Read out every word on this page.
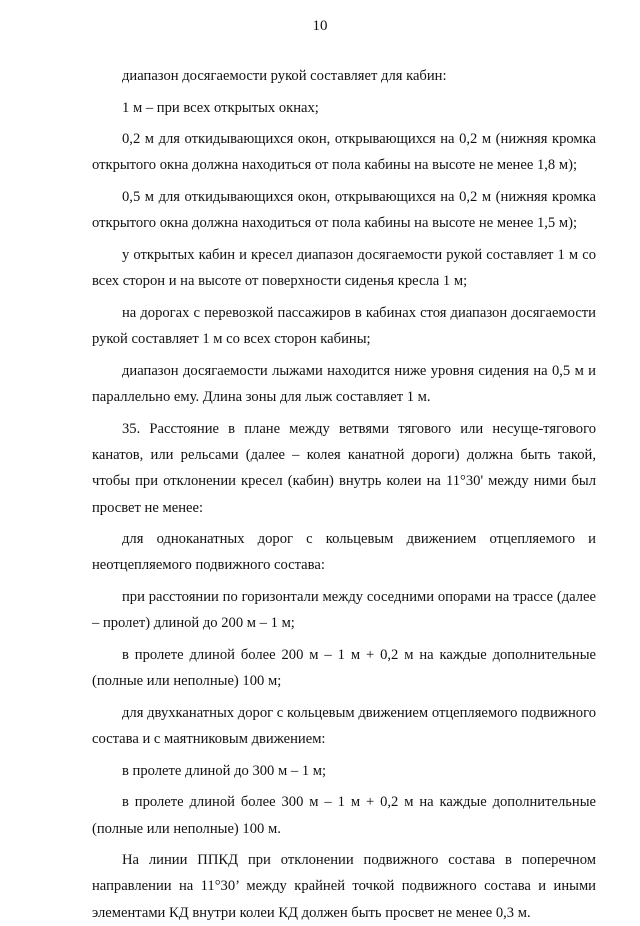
10

диапазон досягаемости рукой составляет для кабин:

1 м – при всех открытых окнах;

0,2 м для откидывающихся окон, открывающихся на 0,2 м (нижняя кромка открытого окна должна находиться от пола кабины на высоте не менее 1,8 м);

0,5 м для откидывающихся окон, открывающихся на 0,2 м (нижняя кромка открытого окна должна находиться от пола кабины на высоте не менее 1,5 м);

у открытых кабин и кресел диапазон досягаемости рукой составляет 1 м со всех сторон и на высоте от поверхности сиденья кресла 1 м;

на дорогах с перевозкой пассажиров в кабинах стоя диапазон досягаемости рукой составляет 1 м со всех сторон кабины;

диапазон досягаемости лыжами находится ниже уровня сидения на 0,5 м и параллельно ему. Длина зоны для лыж составляет 1 м.

35. Расстояние в плане между ветвями тягового или несуще-тягового канатов, или рельсами (далее – колея канатной дороги) должна быть такой, чтобы при отклонении кресел (кабин) внутрь колеи на 11°30' между ними был просвет не менее:

для одноканатных дорог с кольцевым движением отцепляемого и неотцепляемого подвижного состава:

при расстоянии по горизонтали между соседними опорами на трассе (далее – пролет) длиной до 200 м – 1 м;

в пролете длиной более 200 м – 1 м + 0,2 м на каждые дополнительные (полные или неполные) 100 м;

для двухканатных дорог с кольцевым движением отцепляемого подвижного состава и с маятниковым движением:

в пролете длиной до 300 м – 1 м;

в пролете длиной более 300 м – 1 м + 0,2 м на каждые дополнительные (полные или неполные) 100 м.

На линии ППКД при отклонении подвижного состава в поперечном направлении на 11°30’ между крайней точкой подвижного состава и иными элементами КД внутри колеи КД должен быть просвет не менее 0,3 м.
